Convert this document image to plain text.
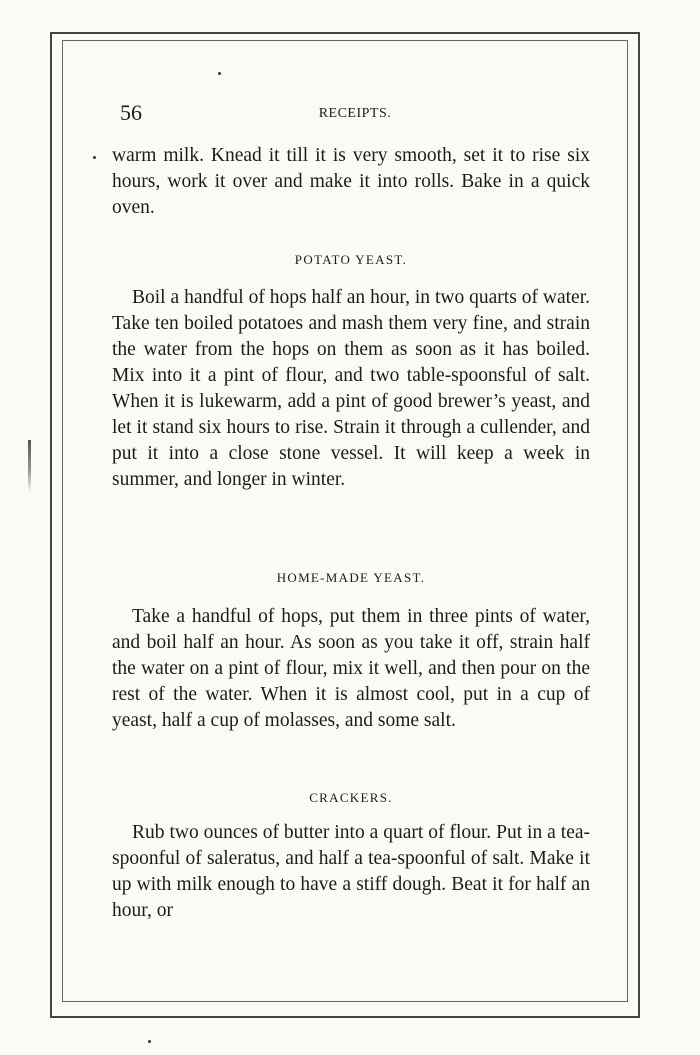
56	RECEIPTS.

warm milk. Knead it till it is very smooth, set it to rise six hours, work it over and make it into rolls. Bake in a quick oven.

POTATO YEAST.

Boil a handful of hops half an hour, in two quarts of water. Take ten boiled potatoes and mash them very fine, and strain the water from the hops on them as soon as it has boiled. Mix into it a pint of flour, and two table-spoonsful of salt. When it is lukewarm, add a pint of good brewer’s yeast, and let it stand six hours to rise. Strain it through a cullender, and put it into a close stone vessel. It will keep a week in summer, and longer in winter.

HOME-MADE YEAST.

Take a handful of hops, put them in three pints of water, and boil half an hour. As soon as you take it off, strain half the water on a pint of flour, mix it well, and then pour on the rest of the water. When it is almost cool, put in a cup of yeast, half a cup of molasses, and some salt.

CRACKERS.

Rub two ounces of butter into a quart of flour. Put in a tea-spoonful of saleratus, and half a tea-spoonful of salt. Make it up with milk enough to have a stiff dough. Beat it for half an hour, or
